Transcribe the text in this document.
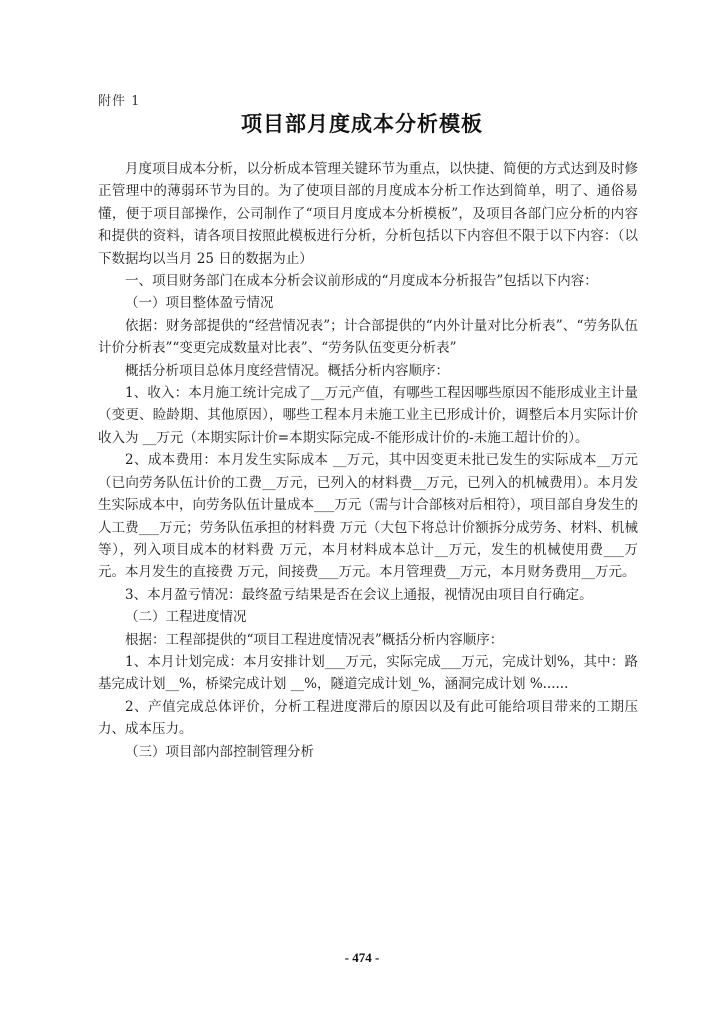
附件 1
项目部月度成本分析模板

月度项目成本分析，以分析成本管理关键环节为重点，以快捷、简便的方式达到及时修正管理中的薄弱环节为目的。为了使项目部的月度成本分析工作达到简单，明了、通俗易懂，便于项目部操作，公司制作了“项目月度成本分析模板”，及项目各部门应分析的内容和提供的资料，请各项目按照此模板进行分析，分析包括以下内容但不限于以下内容：（以下数据均以当月 25 日的数据为止）

一、项目财务部门在成本分析会议前形成的“月度成本分析报告”包括以下内容：

（一）项目整体盈亏情况

依据：财务部提供的“经营情况表”；计合部提供的“内外计量对比分析表”、“劳务队伍计价分析表”“变更完成数量对比表”、“劳务队伍变更分析表”

概括分析项目总体月度经营情况。概括分析内容顺序：

1、收入：本月施工统计完成了__万元产值，有哪些工程因哪些原因不能形成业主计量（变更、睑龄期、其他原因），哪些工程本月未施工业主已形成计价，调整后本月实际计价收入为 __万元（本期实际计价=本期实际完成-不能形成计价的-未施工超计价的）。

2、成本费用：本月发生实际成本 __万元，其中因变更未批已发生的实际成本__万元（已向劳务队伍计价的工费__万元，已列入的材料费__万元，已列入的机械费用）。本月发生实际成本中，向劳务队伍计量成本___万元（需与计合部核对后相符），项目部自身发生的人工费___万元；劳务队伍承担的材料费 万元（大包下将总计价额拆分成劳务、材料、机械等），列入项目成本的材料费 万元，本月材料成本总计__万元，发生的机械使用费___万元。本月发生的直接费 万元，间接费___万元。本月管理费__万元，本月财务费用__万元。

3、本月盈亏情况：最终盈亏结果是否在会议上通报，视情况由项目自行确定。

（二）工程进度情况

根据：工程部提供的“项目工程进度情况表”概括分析内容顺序：

1、本月计划完成：本月安排计划___万元，实际完成___万元，完成计划%，其中：路基完成计划__%，桥梁完成计划 __%，隧道完成计划_%，涵洞完成计划 %......

2、产值完成总体评价，分析工程进度滞后的原因以及有此可能给项目带来的工期压力、成本压力。

（三）项目部内部控制管理分析

- 474 -
